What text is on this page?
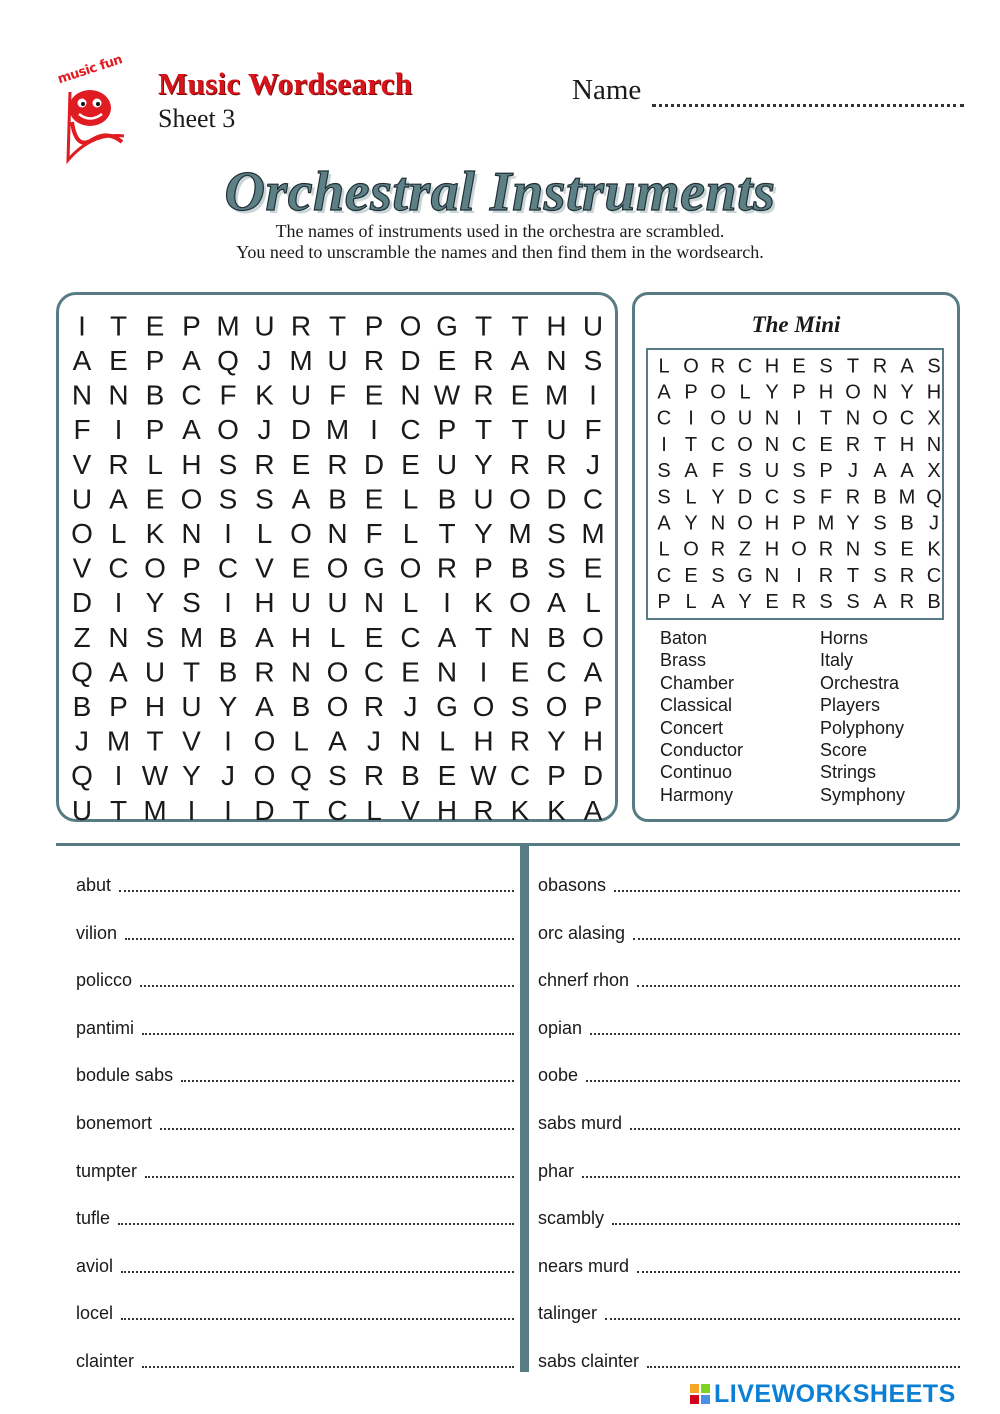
music fun Music Wordsearch
Sheet 3
Name
Orchestral Instruments
The names of instruments used in the orchestra are scrambled.
You need to unscramble the names and then find them in the wordsearch.
I T E P M U R T P O G T T H U
A E P A Q J M U R D E R A N S
N N B C F K U F E N W R E M I
F I P A O J D M I C P T T U F
V R L H S R E R D E U Y R R J
U A E O S S A B E L B U O D C
O L K N I L O N F L T Y M S M
V C O P C V E O G O R P B S E
D I Y S I H U U N L I K O A L
Z N S M B A H L E C A T N B O
Q A U T B R N O C E N I E C A
B P H U Y A B O R J G O S O P
J M T V I O L A J N L H R Y H
Q I W Y J O Q S R B E W C P D
U T M I I D T C L V H R K K A
The Mini
L O R C H E S T R A S
A P O L Y P H O N Y H
C I O U N I T N O C X
I T C O N C E R T H N
S A F S U S P J A A X
S L Y D C S F R B M Q
A Y N O H P M Y S B J
L O R Z H O R N S E K
C E S G N I R T S R C
P L A Y E R S S A R B
Baton
Brass
Chamber
Classical
Concert
Conductor
Continuo
Harmony
Horns
Italy
Orchestra
Players
Polyphony
Score
Strings
Symphony
abut
vilion
policco
pantimi
bodule sabs
bonemort
tumpter
tufle
aviol
locel
clainter
obasons
orc alasing
chnerf rhon
opian
oobe
sabs murd
phar
scambly
nears murd
talinger
sabs clainter
LIVEWORKSHEETS
